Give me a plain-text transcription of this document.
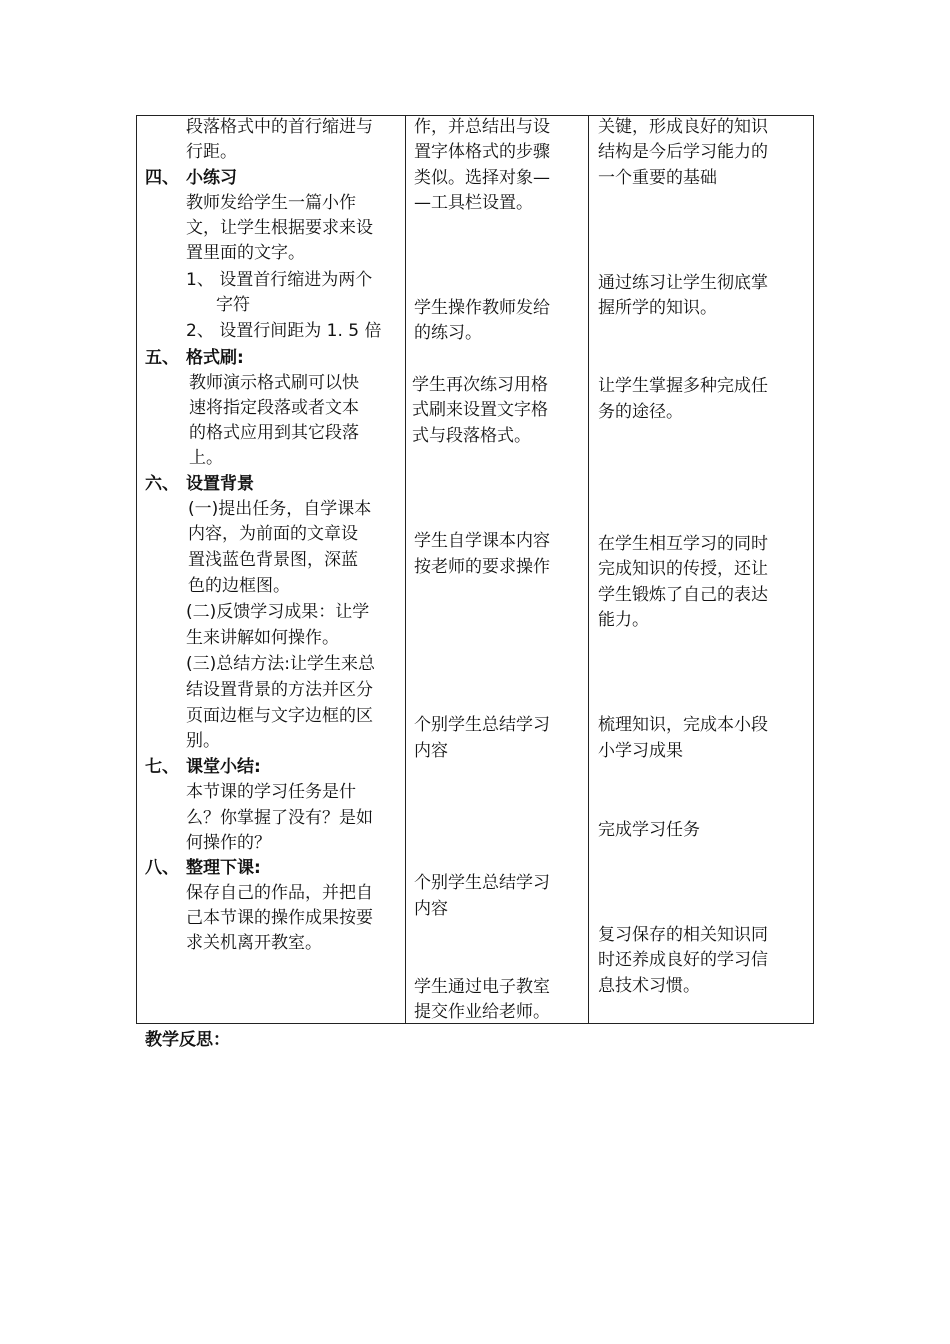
段落格式中的首行缩进与
行距。
四、 小练习
教师发给学生一篇小作
文，让学生根据要求来设
置里面的文字。
1、 设置首行缩进为两个
字符
2、 设置行间距为 1. 5 倍
五、 格式刷:
教师演示格式刷可以快
速将指定段落或者文本
的格式应用到其它段落
上。
六、 设置背景
(一)提出任务，自学课本
内容，为前面的文章设
置浅蓝色背景图，深蓝
色的边框图。
(二)反馈学习成果：让学
生来讲解如何操作。
(三)总结方法:让学生来总
结设置背景的方法并区分
页面边框与文字边框的区
别。
七、 课堂小结:
本节课的学习任务是什
么？你掌握了没有？是如
何操作的？
八、 整理下课:
保存自己的作品，并把自
己本节课的操作成果按要
求关机离开教室。
作，并总结出与设
置字体格式的步骤
类似。选择对象—
—工具栏设置。
学生操作教师发给
的练习。
学生再次练习用格
式刷来设置文字格
式与段落格式。
学生自学课本内容
按老师的要求操作
个别学生总结学习
内容
个别学生总结学习
内容
学生通过电子教室
提交作业给老师。
关键，形成良好的知识
结构是今后学习能力的
一个重要的基础
通过练习让学生彻底掌
握所学的知识。
让学生掌握多种完成任
务的途径。
在学生相互学习的同时
完成知识的传授，还让
学生锻炼了自己的表达
能力。
梳理知识，完成本小段
小学习成果
完成学习任务
复习保存的相关知识同
时还养成良好的学习信
息技术习惯。
教学反思：
